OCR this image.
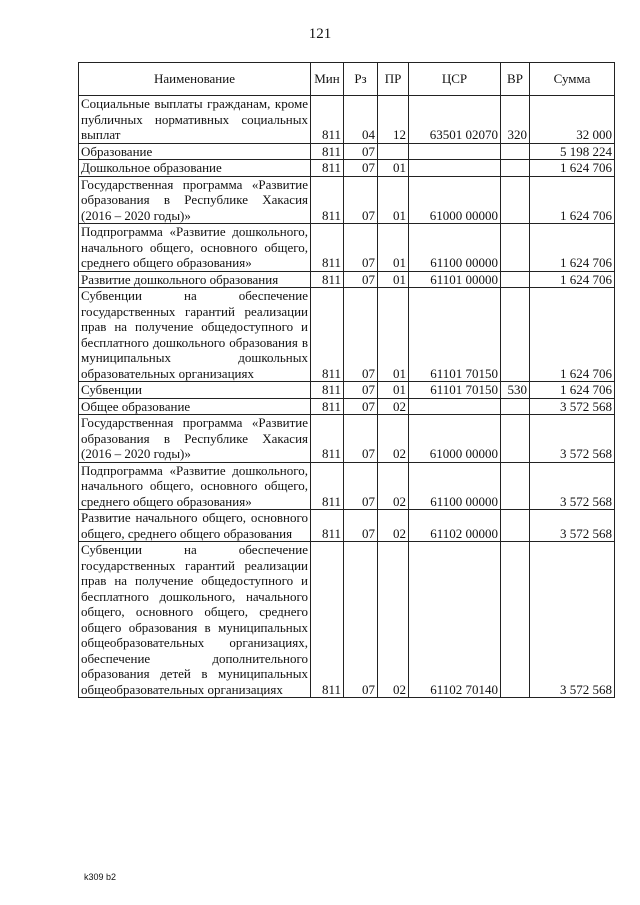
121
Наименование	Мин	Рз	ПР	ЦСР	ВР	Сумма
Социальные выплаты гражданам, кроме публичных нормативных социальных выплат	811	04	12	63501 02070	320	32 000
Образование	811	07				5 198 224
Дошкольное образование	811	07	01			1 624 706
Государственная программа «Развитие образования в Республике Хакасия (2016 – 2020 годы)»	811	07	01	61000 00000		1 624 706
Подпрограмма «Развитие дошкольного, начального общего, основного общего, среднего общего образования»	811	07	01	61100 00000		1 624 706
Развитие дошкольного образования	811	07	01	61101 00000		1 624 706
Субвенции на обеспечение государственных гарантий реализации прав на получение общедоступного и бесплатного дошкольного образования в муниципальных дошкольных образовательных организациях	811	07	01	61101 70150		1 624 706
Субвенции	811	07	01	61101 70150	530	1 624 706
Общее образование	811	07	02			3 572 568
Государственная программа «Развитие образования в Республике Хакасия (2016 – 2020 годы)»	811	07	02	61000 00000		3 572 568
Подпрограмма «Развитие дошкольного, начального общего, основного общего, среднего общего образования»	811	07	02	61100 00000		3 572 568
Развитие начального общего, основного общего, среднего общего образования	811	07	02	61102 00000		3 572 568
Субвенции на обеспечение государственных гарантий реализации прав на получение общедоступного и бесплатного дошкольного, начального общего, основного общего, среднего общего образования в муниципальных общеобразовательных организациях, обеспечение дополнительного образования детей в муниципальных общеобразовательных организациях	811	07	02	61102 70140		3 572 568
k309 b2
